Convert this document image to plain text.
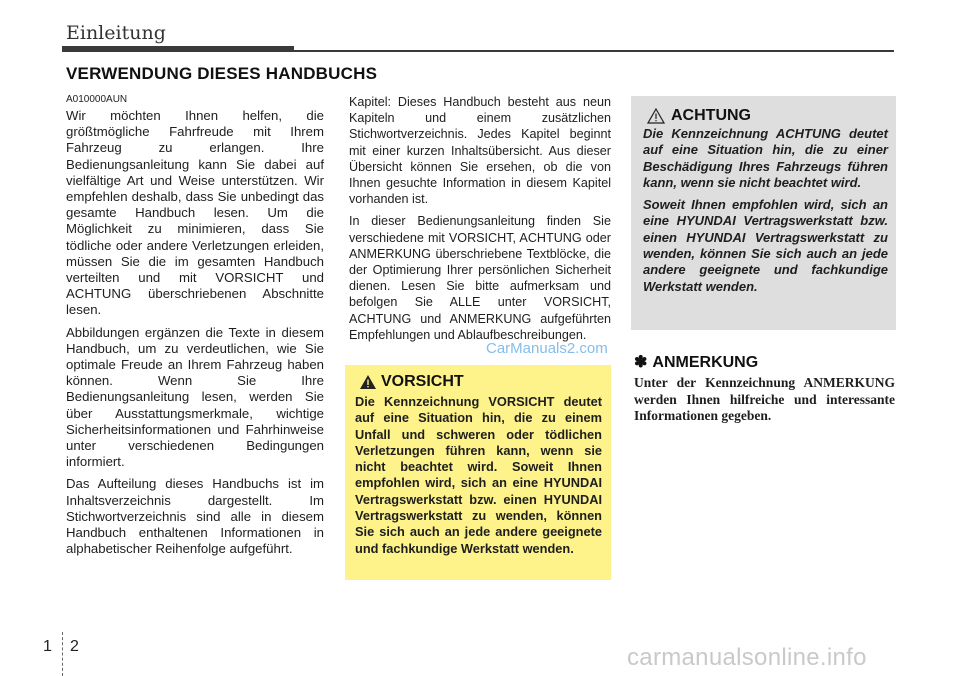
Einleitung
VERWENDUNG DIESES HANDBUCHS
A010000AUN

Wir möchten Ihnen helfen, die größtmögliche Fahrfreude mit Ihrem Fahrzeug zu erlangen. Ihre Bedienungsanleitung kann Sie dabei auf vielfältige Art und Weise unterstützen. Wir empfehlen deshalb, dass Sie unbedingt das gesamte Handbuch lesen. Um die Möglichkeit zu minimieren, dass Sie tödliche oder andere Verletzungen erleiden, müssen Sie die im gesamten Handbuch verteilten und mit VORSICHT und ACHTUNG überschriebenen Abschnitte lesen.

Abbildungen ergänzen die Texte in diesem Handbuch, um zu verdeutlichen, wie Sie optimale Freude an Ihrem Fahrzeug haben können. Wenn Sie Ihre Bedienungsanleitung lesen, werden Sie über Ausstattungsmerkmale, wichtige Sicherheitsinformationen und Fahrhinweise unter verschiedenen Bedingungen informiert.

Das Aufteilung dieses Handbuchs ist im Inhaltsverzeichnis dargestellt. Im Stichwortverzeichnis sind alle in diesem Handbuch enthaltenen Informationen in alphabetischer Reihenfolge aufgeführt.

Kapitel: Dieses Handbuch besteht aus neun Kapiteln und einem zusätzlichen Stichwortverzeichnis. Jedes Kapitel beginnt mit einer kurzen Inhaltsübersicht. Aus dieser Übersicht können Sie ersehen, ob die von Ihnen gesuchte Information in diesem Kapitel vorhanden ist.

In dieser Bedienungsanleitung finden Sie verschiedene mit VORSICHT, ACHTUNG oder ANMERKUNG überschriebene Textblöcke, die der Optimierung Ihrer persönlichen Sicherheit dienen. Lesen Sie bitte aufmerksam und befolgen Sie ALLE unter VORSICHT, ACHTUNG und ANMERKUNG aufgeführten Empfehlungen und Ablaufbeschreibungen.

CarManuals2.com
ACHTUNG

Die Kennzeichnung ACHTUNG deutet auf eine Situation hin, die zu einer Beschädigung Ihres Fahrzeugs führen kann, wenn sie nicht beachtet wird.

Soweit Ihnen empfohlen wird, sich an eine HYUNDAI Vertragswerkstatt bzw. einen HYUNDAI Vertragswerkstatt zu wenden, können Sie sich auch an jede andere geeignete und fachkundige Werkstatt wenden.

VORSICHT
Die Kennzeichnung VORSICHT deutet auf eine Situation hin, die zu einem Unfall und schweren oder tödlichen Verletzungen führen kann, wenn sie nicht beachtet wird. Soweit Ihnen empfohlen wird, sich an eine HYUNDAI Vertragswerkstatt bzw. einen HYUNDAI Vertragswerkstatt zu wenden, können Sie sich auch an jede andere geeignete und fachkundige Werkstatt wenden.
✽ ANMERKUNG
Unter der Kennzeichnung ANMERKUNG werden Ihnen hilfreiche und interessante Informationen gegeben.
1 2	carmanualsonline.info
